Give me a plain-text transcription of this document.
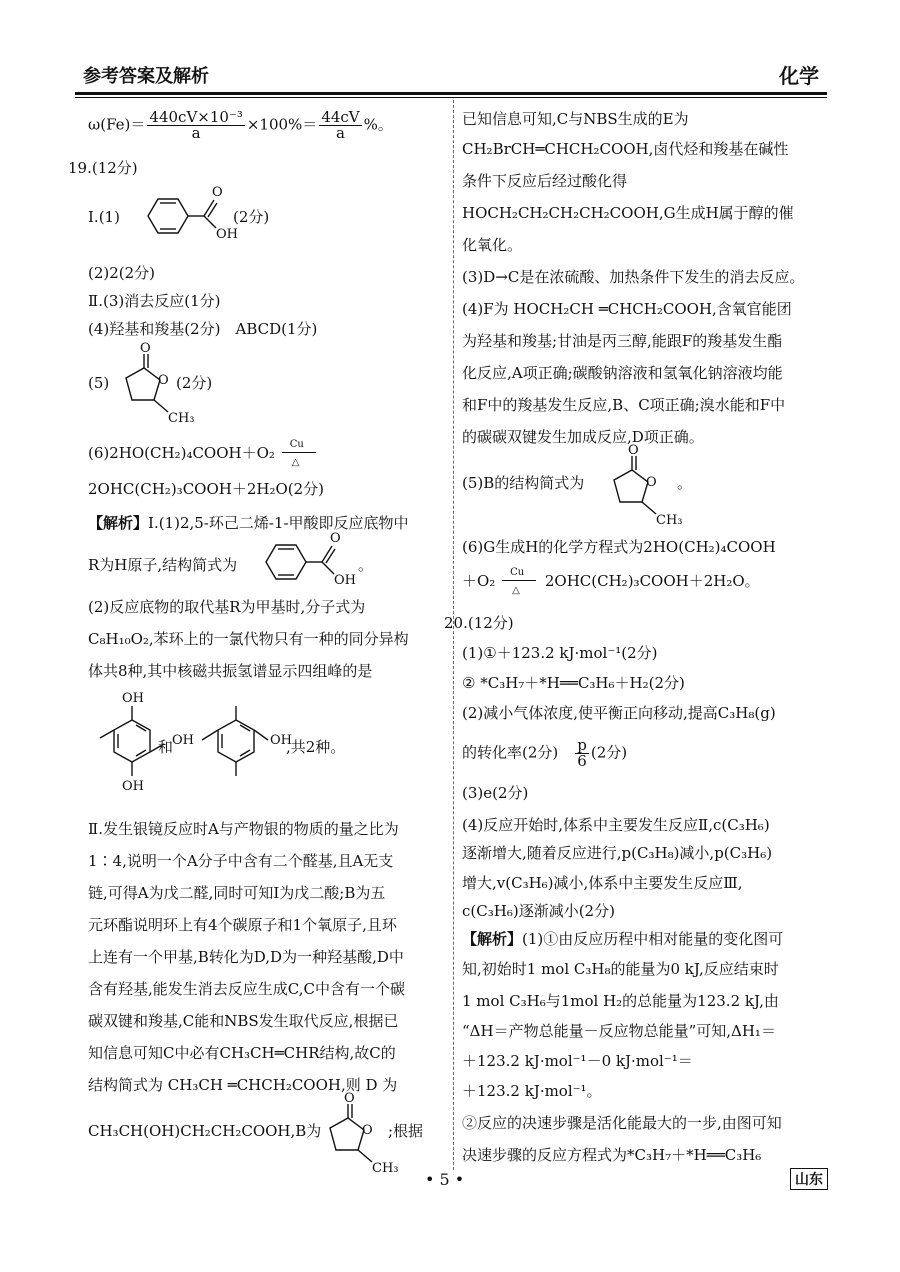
参考答案及解析	化学
$\omega(Fe)= \frac{\text{440cV×10⁻³}}{a} \times 100\%= \frac{44cV}{a}$ %。
19.(12分)
Ⅰ.(1)
O
OH
(2分)
(2)2(2分)
Ⅱ.(3)消去反应(1分)
(4)羟基和羧基(2分)　ABCD(1分)
(5)
O
O
CH₃
(2分)
(6)2HO(CH₂)₄COOH＋O₂ Cu
△
2OHC(CH₂)₃COOH＋2H₂O(2分)
【解析】Ⅰ.(1)2,5-环己二烯-1-甲酸即反应底物中
R为H原子,结构简式为
O
OH
。
(2)反应底物的取代基R为甲基时,分子式为
C₈H₁₀O₂,苯环上的一氯代物只有一种的同分异构
体共8种,其中核磁共振氢谱显示四组峰的是
OH
OH
和
OH	OH
,共2种。
Ⅱ.发生银镜反应时A与产物银的物质的量之比为
1∶4,说明一个A分子中含有二个醛基,且A无支
链,可得A为戊二醛,同时可知I为戊二酸;B为五
元环酯说明环上有4个碳原子和1个氧原子,且环
上连有一个甲基,B转化为D,D为一种羟基酸,D中
含有羟基,能发生消去反应生成C,C中含有一个碳
碳双键和羧基,C能和NBS发生取代反应,根据已
知信息可知C中必有CH₃CH═CHR结构,故C的
结构简式为 CH₃CH ═CHCH₂COOH,则 D 为
CH₃CH(OH)CH₂CH₂COOH,B为
O
O
CH₃
;根据
已知信息可知,C与NBS生成的E为
CH₂BrCH═CHCH₂COOH,卤代烃和羧基在碱性
条件下反应后经过酸化得
HOCH₂CH₂CH₂CH₂COOH,G生成H属于醇的催
化氧化。
(3)D→C是在浓硫酸、加热条件下发生的消去反应。
(4)F为 HOCH₂CH ═CHCH₂COOH,含氧官能团
为羟基和羧基;甘油是丙三醇,能跟F的羧基发生酯
化反应,A项正确;碳酸钠溶液和氢氧化钠溶液均能
和F中的羧基发生反应,B、C项正确;溴水能和F中
的碳碳双键发生加成反应,D项正确。
(5)B的结构简式为
O
O
CH₃
。
(6)G生成H的化学方程式为2HO(CH₂)₄COOH
＋O₂ Cu
△
2OHC(CH₂)₃COOH＋2H₂O。
20.(12分)
(1)①＋123.2 kJ·mol⁻¹(2分)
② *C₃H₇＋*H══C₃H₆＋H₂(2分)
(2)减小气体浓度,使平衡正向移动,提高C₃H₈(g)
的转化率(2分)　 $\frac{p}{6} (2$分)
(3)e(2分)
(4)反应开始时,体系中主要发生反应Ⅱ,c(C₃H₆)
逐渐增大,随着反应进行,p(C₃H₈)减小,p(C₃H₆)
增大,v(C₃H₆)减小,体系中主要发生反应Ⅲ,
c(C₃H₆)逐渐减小(2分)
【解析】(1)①由反应历程中相对能量的变化图可
知,初始时1 mol C₃H₈的能量为0 kJ,反应结束时
1 mol C₃H₆与1mol H₂的总能量为123.2 kJ,由
“ΔH＝产物总能量－反应物总能量”可知,ΔH₁＝
＋123.2 kJ·mol⁻¹－0 kJ·mol⁻¹＝
＋123.2 kJ·mol⁻¹。
②反应的决速步骤是活化能最大的一步,由图可知
决速步骤的反应方程式为*C₃H₇＋*H══C₃H₆
• 5 •	山东
